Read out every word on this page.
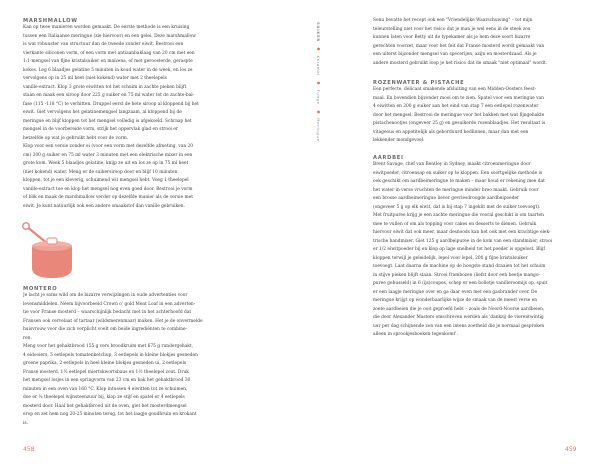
MARSHMALLOW
Kan op twee manieren worden gemaakt. De eerste methode is een kruising
tussen een Italiaanse meringue (zie hiervoor) en een gelei. Deze marshmallow
is wat robuuster van structuur dan de tweede zonder eiwit. Bestrooi een
vierkante siliconen vorm, of een vorm met antiaanbaklaag van 20 cm met een
1:1-mengsel van fijne kristalsuiker en maïzena, of met geroosterde, geraspte
kokos. Leg 6 blaadjes gelatine 5 minuten in koud water in de week, en los ze
vervolgens op in 25 ml heet (niet kokend) water met 2 theelepels
vanille-extract. Klop 3 grote eiwitten tot het schuim in zachte pieken blijft
staan en maak een siroop door 225 g suiker en 75 ml water tot de zachte-bal-
fase (115 -118 °C) te verhitten. Druppel eerst de hete siroop al kloppend bij het
eiwit. Giet vervolgens het gelatinemengsel langzaam, al kloppend bij de
meringue en blijf kloppen tot het mengsel volledig is afgekoeld. Schraap het
mengsel in de voorbereide vorm, strijk het oppervlak glad en strooi er
hetzelfde op wat je gebruikt hebt voor de vorm.
Klop voor een versie zonder ei (voor een vorm met dezelfde afmeting, van 20
cm) 200 g suiker en 75 ml water 3 minuten met een elektrische mixer in een
grote kom. Week 5 blaadjes gelatine, knijp ze uit en los ze op in 75 ml heet
(niet kokend) water. Meng er de suikersiroop door en blijf 10 minuten
kloppen, tot je een kleverig, schuimend wit mengsel hebt. Voeg 1 theelepel
vanille-extract toe en klop het mengsel nog even goed door. Bestrooi je vorm
of blik en maak de marshmallow verder op dezelfde manier als de versie met
eiwit. Je kunt natuurlijk ook een andere smaakstof dan vanille gebruiken.
MONTERO
Je lacht je soms wild om de bizarre verwijzingen in oude advertenties voor
levensmiddelen. Neem bijvoorbeeld Crown o' gold Meat Loaf in een adverten-
tie voor Franse mosterd – waarschijnlijk bedacht met in het achterhoofd dat
Fransen ook cervelaat of tartaar (wildsmerenmaar) maken. Het je de onvermelde
huisvrouw voor die zich verplicht voelt om beide ingrediënten te combine-
ren.
Meng voor het gehaktbrood 155 g vers broodkruim met 675 g rundergehakt,
4 eidooiers, 5 eetlepels tomatenketchup, 3 eetlepels in kleine blokjes gesneden
groene paprika, 2 eetlepels in heel kleine blokjes gesneden ui, 2 eetlepels
Franse mosterd, 1½ eetlepel miertskwortsbaus en 1½ theelepel zout. Druk
het mengsel losjes in een springvorm van 23 cm en bak het gehaktbrood 30
minuten in een oven van 160 °C. Klop intussen 4 eiwitten tot ze schuimen,
doe er ¼ theelepel wijnsteenzuur bij, klop ze stijf en spatel er 4 eetlepels
mosterd door. Haal het gehaktbrood uit de oven, giet het mosterdmengsel
erop en zet hem nog 20-25 minuten terug, tot het laagje goudbruin en krokant
is.
458
SUIKER ● Karamel ● Fudge ● Meringue
Sonu bevatte het recept ook een "Vriendelijke Waarschuwing" – tot mijn
teleurstelling niet voor het risico dat je man je wel eens in de steek zou
kunnen laten voor Betty uit de typekamer als je hem deze soort bizarre
gerechten voorzet, maar voor het feit dat Franse mosterd wordt gemaakt van
een uiterst bijzonder mengsel van specerijen, azijn en mosterdzaad. Als je
andere mosterd gebruikt loop je het risico dat de smaak "niet optimaal" wordt.
ROZENWATER & PISTACHE
Een perfecte, delicaat smakende afsluiting van een Midden-Oosters feest-
maal. En bovendien bijzonder mooi om te zien. Spatel voor een meringue van
4 eiwitten en 200 g suiker aan het eind van stap 7 een eetlepel rozenwater
door het mengsel. Bestrooi de meringue voor het bakken met wat fijngehakte
pistachenootjes (ongeveer 25 g) en gesuikerde rozenblaadjes. Het resultaat is
vitageous en appetitelijk als geborduurd bedlinnen, maar dan met een
lekkender mondgevoel.
AARDBEI
Brent Savage, chef van Bentley in Sydney, maakt citroenmeringue door
eiwitpoeder, citroensap en suiker op te kloppen. Een soortgelijke methode is
ook geschikt om aardbeimeringue te maken – maar houd er rekening mee dat
het water in verse vruchten de meringue minder broo maakt. Gebruik voor
een brosse aardbeimeringue liever gevriesdroogde aardbeipoeder
(ongeveer 5 g op elk eiwit, dat is bij stap 7 ingeklit met de suiker toevoegt).
Met fruitpuree krijg je een zachte meringue die vooral geschikt is om taarten
mee te vullen of om als topping voor cakes en desserts te dienen. Gebruik
hiervoor eiwit dat ook meer, maar desnoods kan het ook met een krachtige elek-
trische handmixer. Giet 125 g aardbeipuree in de kom van een standmixer, strooi
er 1/2 eiwitpoeder bij en klop op lage snelheid tot het poeder is opgelost. Blijf
kloppen terwijl je geleidelijk, lepel voor lepel, 200 g fijne kristalsuiker
toevoegt. Laat daarna de machine op de hoogste stand draaien tot het schuim
in stijve pieken blijft staan. Strooi frambozen (liefst door een beetje mango-
puree gehusseld) in 6 (ijs)coupes, schep er een bolletje vanilleroomijs op, spuit
er een laagje meringue over en ga daar even met een gasbrander over. De
meringue krijgt op wonderbaarlijke wijze de smaak van de meest verse en
zoete aardbeien die je ooit geproefd hebt – zoals de Noord-Noorse aardbeien,
die door Alexander Masters omschreven werden als 'dankzij de vierentwintig
uur per dag schijnende zon van een intens zoetheid die je normaal gesproken
alleen in sprookjesboeken tegenkomt'.
459
